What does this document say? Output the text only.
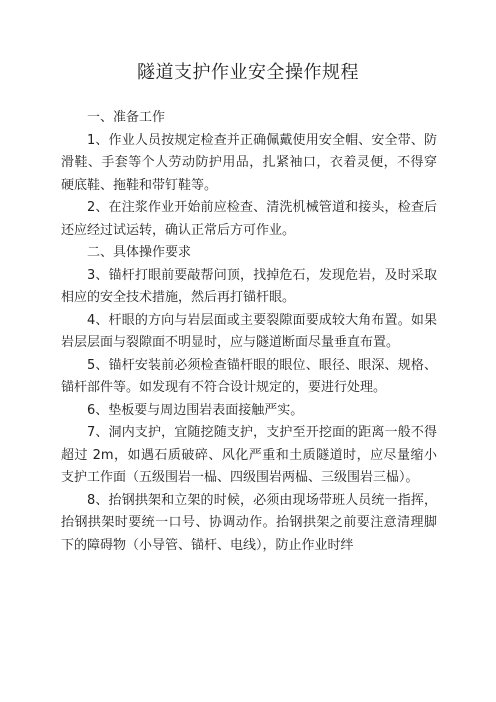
隧道支护作业安全操作规程

一、准备工作

1、作业人员按规定检查并正确佩戴使用安全帽、安全带、防滑鞋、手套等个人劳动防护用品，扎紧袖口，衣着灵便，不得穿硬底鞋、拖鞋和带钉鞋等。

2、在注浆作业开始前应检查、清洗机械管道和接头，检查后还应经过试运转，确认正常后方可作业。

二、具体操作要求

3、锚杆打眼前要敲帮问顶，找掉危石，发现危岩，及时采取相应的安全技术措施，然后再打锚杆眼。

4、杆眼的方向与岩层面或主要裂隙面要成较大角布置。如果岩层层面与裂隙面不明显时，应与隧道断面尽量垂直布置。

5、锚杆安装前必须检查锚杆眼的眼位、眼径、眼深、规格、锚杆部件等。如发现有不符合设计规定的，要进行处理。

6、垫板要与周边围岩表面接触严实。

7、洞内支护，宜随挖随支护，支护至开挖面的距离一般不得超过 2m，如遇石质破碎、风化严重和土质隧道时，应尽量缩小支护工作面（五级围岩一榀、四级围岩两榀、三级围岩三榀）。

8、抬钢拱架和立架的时候，必须由现场带班人员统一指挥，抬钢拱架时要统一口号、协调动作。抬钢拱架之前要注意清理脚下的障碍物（小导管、锚杆、电线），防止作业时绊
